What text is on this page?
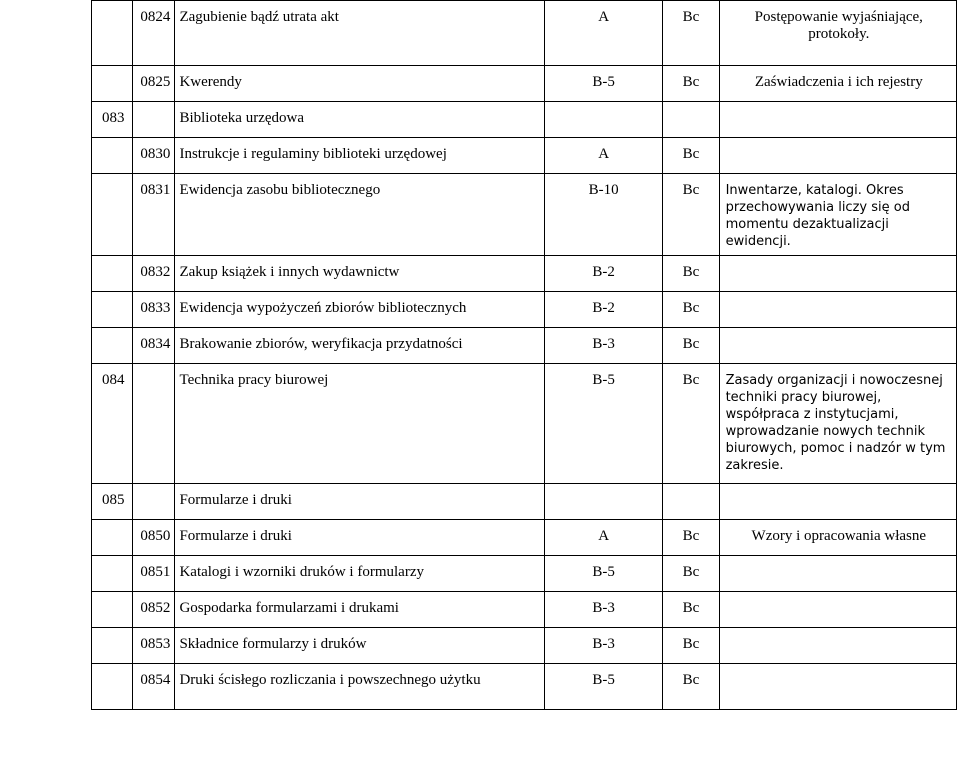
	0824	Zagubienie bądź utrata akt	A	Bc	Postępowanie wyjaśniające, protokoły.
	0825	Kwerendy	B-5	Bc	Zaświadczenia i ich rejestry
083		Biblioteka urzędowa			
	0830	Instrukcje i regulaminy biblioteki urzędowej	A	Bc	
	0831	Ewidencja zasobu bibliotecznego	B-10	Bc	Inwentarze, katalogi. Okres przechowywania liczy się od momentu dezaktualizacji ewidencji.
	0832	Zakup książek i innych wydawnictw	B-2	Bc	
	0833	Ewidencja wypożyczeń zbiorów bibliotecznych	B-2	Bc	
	0834	Brakowanie zbiorów, weryfikacja przydatności	B-3	Bc	
084		Technika pracy biurowej	B-5	Bc	Zasady organizacji i nowoczesnej techniki pracy biurowej, współpraca z instytucjami, wprowadzanie nowych technik biurowych, pomoc i nadzór w tym zakresie.
085		Formularze i druki			
	0850	Formularze i druki	A	Bc	Wzory i opracowania własne
	0851	Katalogi i wzorniki druków i formularzy	B-5	Bc	
	0852	Gospodarka formularzami i drukami	B-3	Bc	
	0853	Składnice formularzy i druków	B-3	Bc	
	0854	Druki ścisłego rozliczania i powszechnego użytku	B-5	Bc	
